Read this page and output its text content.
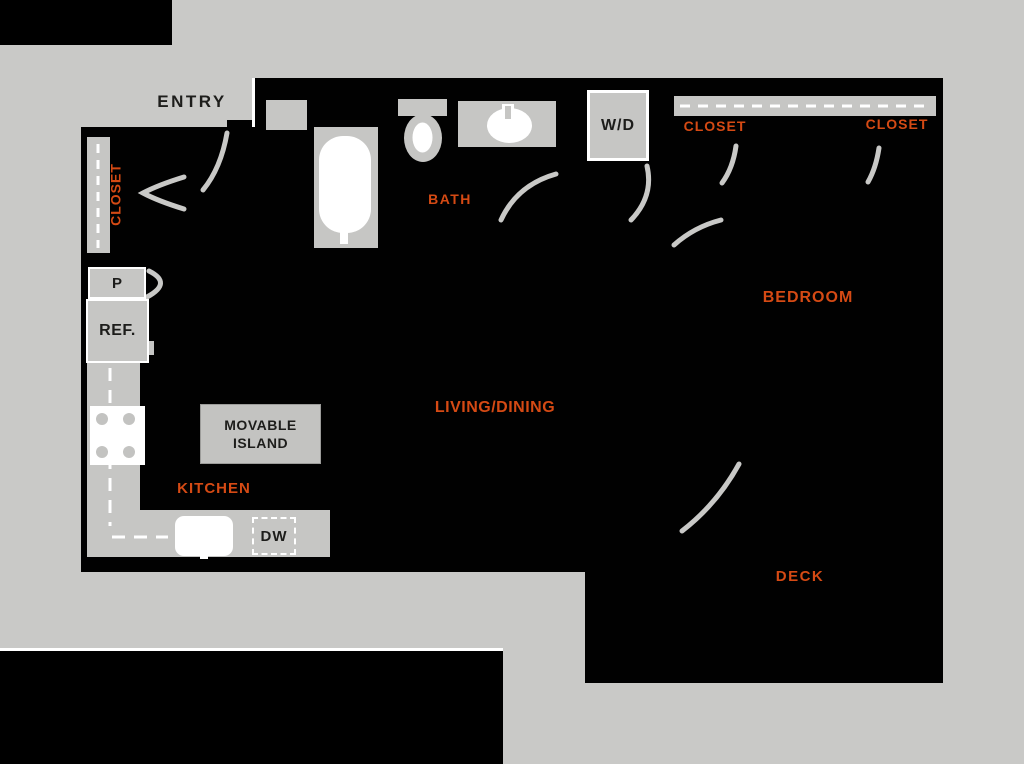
ENTRY
CLOSET	BATH
W/D	CLOSET	CLOSET
BEDROOM
LIVING/DINING
KITCHEN
DECK
P
REF.
MOVABLE ISLAND
DW
